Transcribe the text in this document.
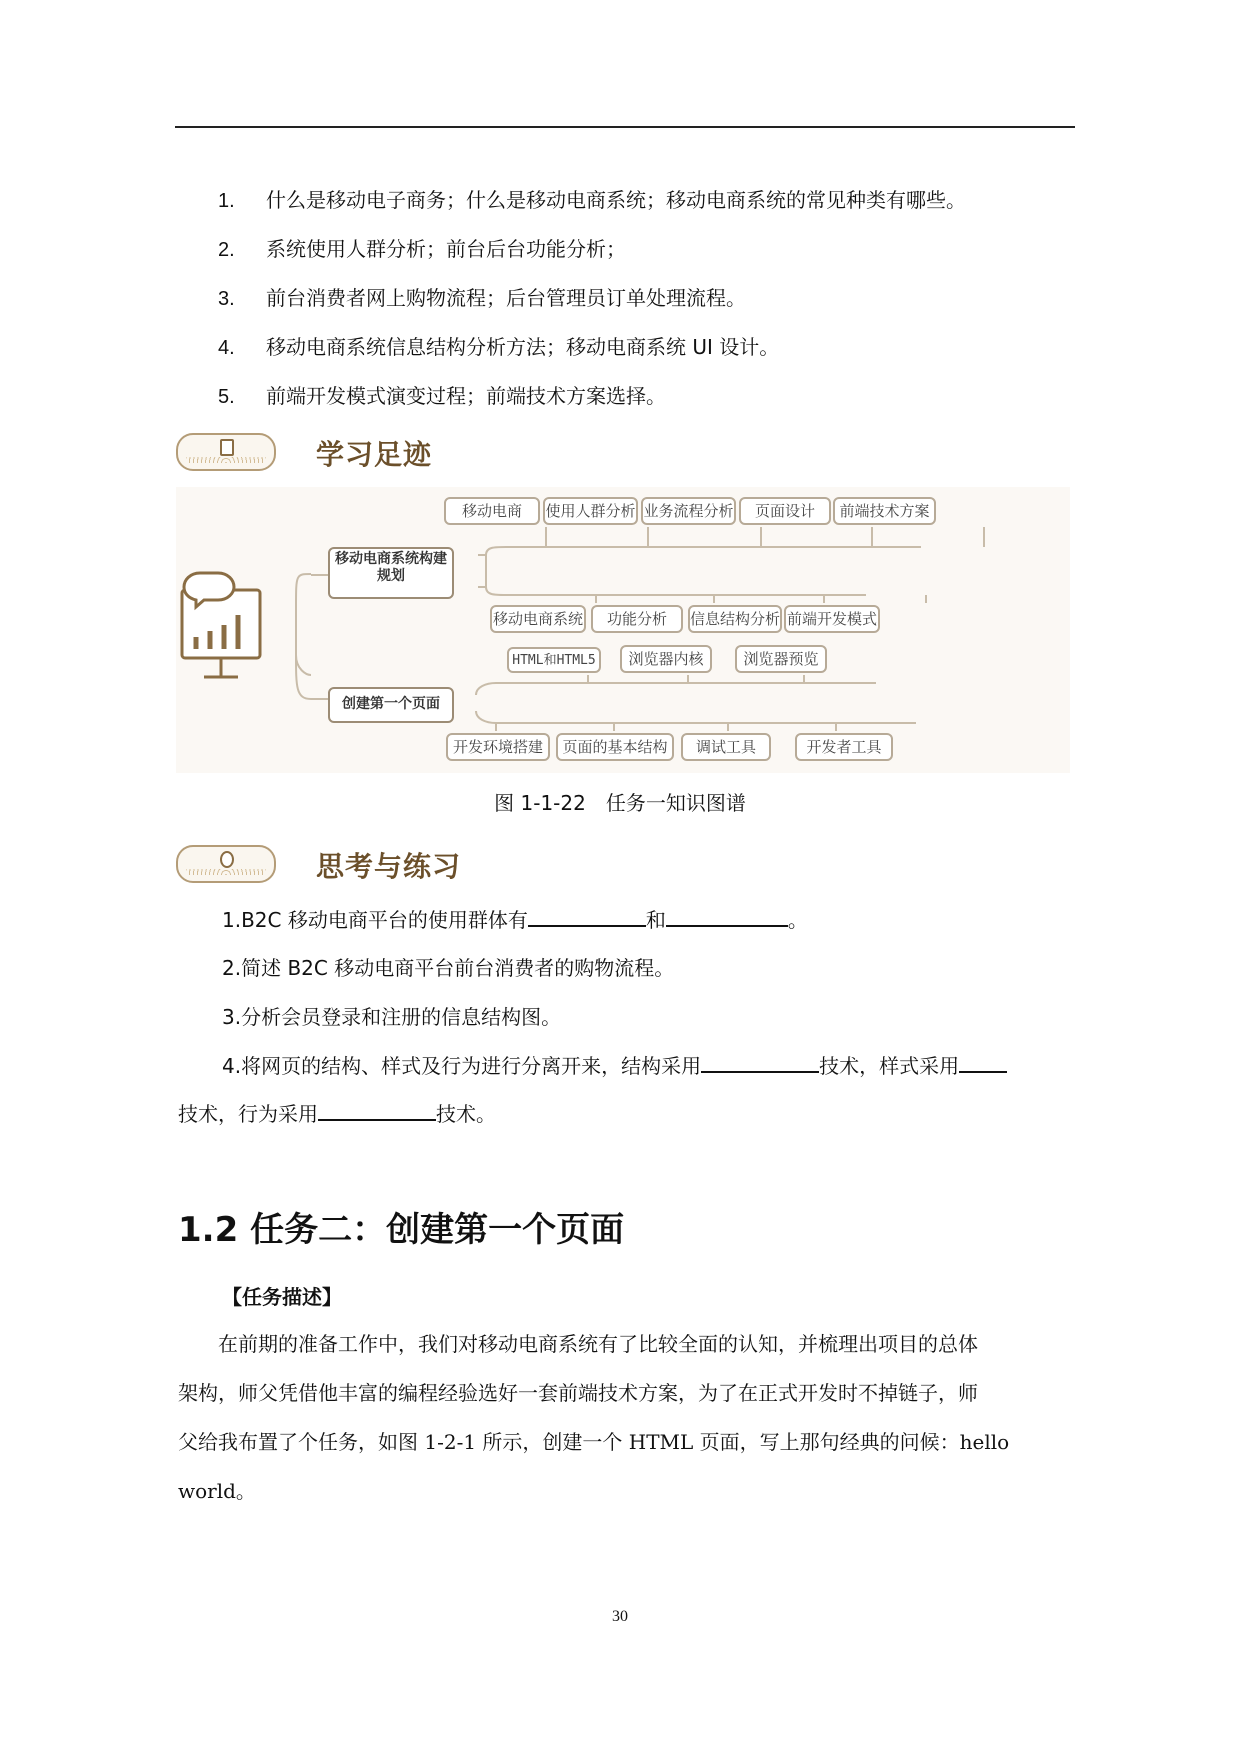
1. 什么是移动电子商务；什么是移动电商系统；移动电商系统的常见种类有哪些。
2. 系统使用人群分析；前台后台功能分析；
3. 前台消费者网上购物流程；后台管理员订单处理流程。
4. 移动电商系统信息结构分析方法；移动电商系统 UI 设计。
5. 前端开发模式演变过程；前端技术方案选择。
学习足迹
移动电商系统构建规划
创建第一个页面
移动电商	使用人群分析 业务流程分析	页面设计	前端技术方案
移动电商系统	功能分析	信息结构分析 前端开发模式
HTML和HTML5	浏览器内核	浏览器预览
开发环境搭建	页面的基本结构	调试工具	开发者工具
图 1-1-22　任务一知识图谱
思考与练习
1.B2C 移动电商平台的使用群体有	和	。
2.简述 B2C 移动电商平台前台消费者的购物流程。
3.分析会员登录和注册的信息结构图。
4.将网页的结构、样式及行为进行分离开来，结构采用	技术，样式采用
技术，行为采用	技术。
1.2 任务二：创建第一个页面
【任务描述】
　　在前期的准备工作中，我们对移动电商系统有了比较全面的认知，并梳理出项目的总体
架构，师父凭借他丰富的编程经验选好一套前端技术方案，为了在正式开发时不掉链子，师
父给我布置了个任务，如图 1-2-1 所示，创建一个 HTML 页面，写上那句经典的问候：hello
world。
30
